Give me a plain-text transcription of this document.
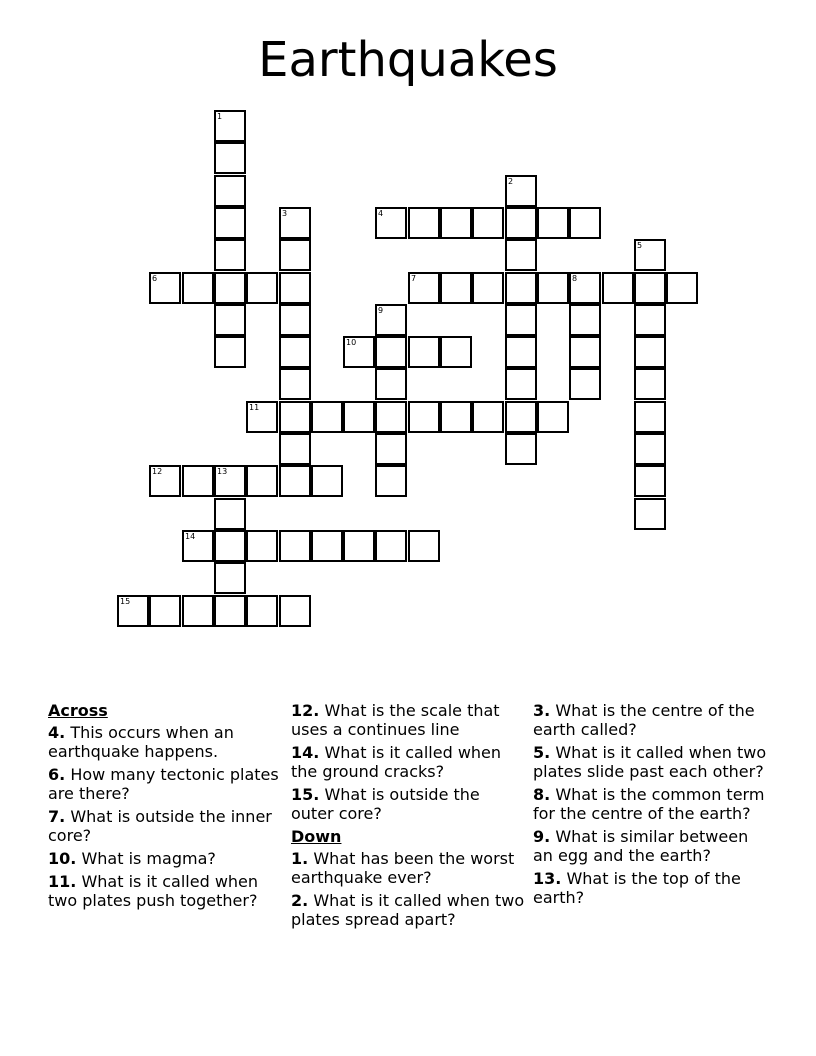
Earthquakes
1
2
3	4
5
6	7	8
9
10
11
12	13
14
15
Across
4. This occurs when an earthquake happens.
6. How many tectonic plates are there?
7. What is outside the inner core?
10. What is magma?
11. What is it called when two plates push together?
12. What is the scale that uses a continues line
14. What is it called when the ground cracks?
15. What is outside the outer core?
Down
1. What has been the worst earthquake ever?
2. What is it called when two plates spread apart?
3. What is the centre of the earth called?
5. What is it called when two plates slide past each other?
8. What is the common term for the centre of the earth?
9. What is similar between an egg and the earth?
13. What is the top of the earth?
